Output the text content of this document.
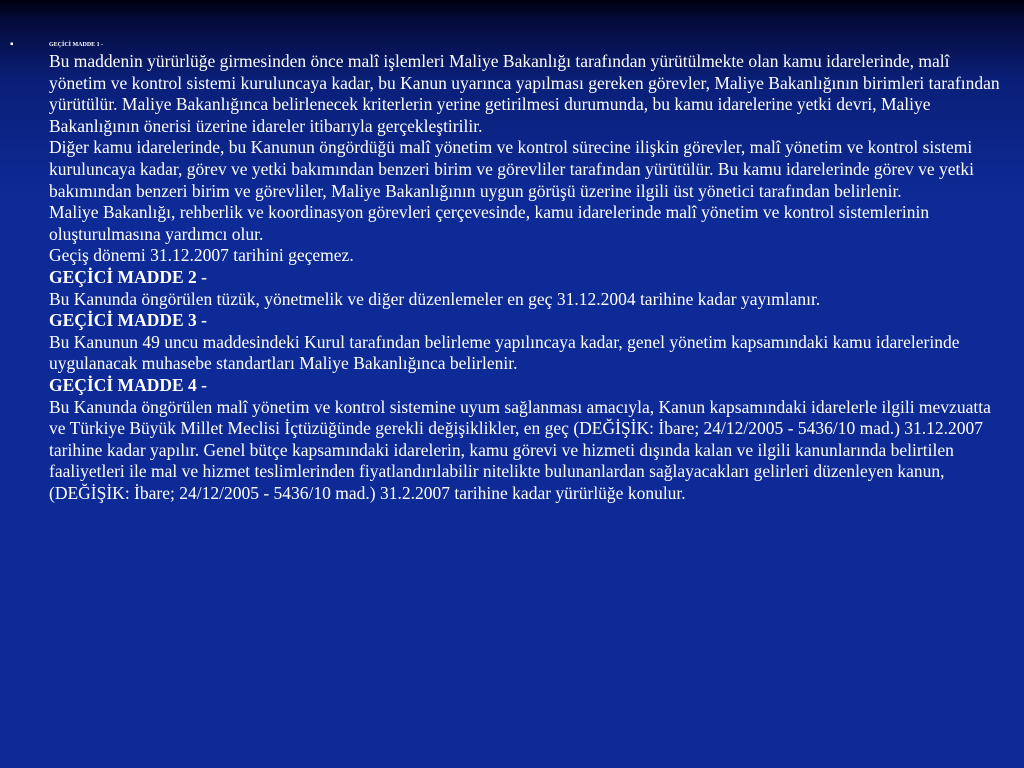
▪	GEÇİCİ MADDE 1 -

Bu maddenin yürürlüğe girmesinden önce malî işlemleri Maliye Bakanlığı tarafından yürütülmekte olan kamu idarelerinde, malî yönetim ve kontrol sistemi kuruluncaya kadar, bu Kanun uyarınca yapılması gereken görevler, Maliye Bakanlığının birimleri tarafından yürütülür. Maliye Bakanlığınca belirlenecek kriterlerin yerine getirilmesi durumunda, bu kamu idarelerine yetki devri, Maliye Bakanlığının önerisi üzerine idareler itibarıyla gerçekleştirilir.

Diğer kamu idarelerinde, bu Kanunun öngördüğü malî yönetim ve kontrol sürecine ilişkin görevler, malî yönetim ve kontrol sistemi kuruluncaya kadar, görev ve yetki bakımından benzeri birim ve görevliler tarafından yürütülür. Bu kamu idarelerinde görev ve yetki bakımından benzeri birim ve görevliler, Maliye Bakanlığının uygun görüşü üzerine ilgili üst yönetici tarafından belirlenir.

Maliye Bakanlığı, rehberlik ve koordinasyon görevleri çerçevesinde, kamu idarelerinde malî yönetim ve kontrol sistemlerinin oluşturulmasına yardımcı olur.

Geçiş dönemi 31.12.2007 tarihini geçemez.

GEÇİCİ MADDE 2 -

Bu Kanunda öngörülen tüzük, yönetmelik ve diğer düzenlemeler en geç 31.12.2004 tarihine kadar yayımlanır.

GEÇİCİ MADDE 3 -

Bu Kanunun 49 uncu maddesindeki Kurul tarafından belirleme yapılıncaya kadar, genel yönetim kapsamındaki kamu idarelerinde uygulanacak muhasebe standartları Maliye Bakanlığınca belirlenir.

GEÇİCİ MADDE 4 -

Bu Kanunda öngörülen malî yönetim ve kontrol sistemine uyum sağlanması amacıyla, Kanun kapsamındaki idarelerle ilgili mevzuatta ve Türkiye Büyük Millet Meclisi İçtüzüğünde gerekli değişiklikler, en geç (DEĞİŞİK: İbare; 24/12/2005 - 5436/10 mad.) 31.12.2007 tarihine kadar yapılır. Genel bütçe kapsamındaki idarelerin, kamu görevi ve hizmeti dışında kalan ve ilgili kanunlarında belirtilen faaliyetleri ile mal ve hizmet teslimlerinden fiyatlandırılabilir nitelikte bulunanlardan sağlayacakları gelirleri düzenleyen kanun, (DEĞİŞİK: İbare; 24/12/2005 - 5436/10 mad.) 31.2.2007 tarihine kadar yürürlüğe konulur.
